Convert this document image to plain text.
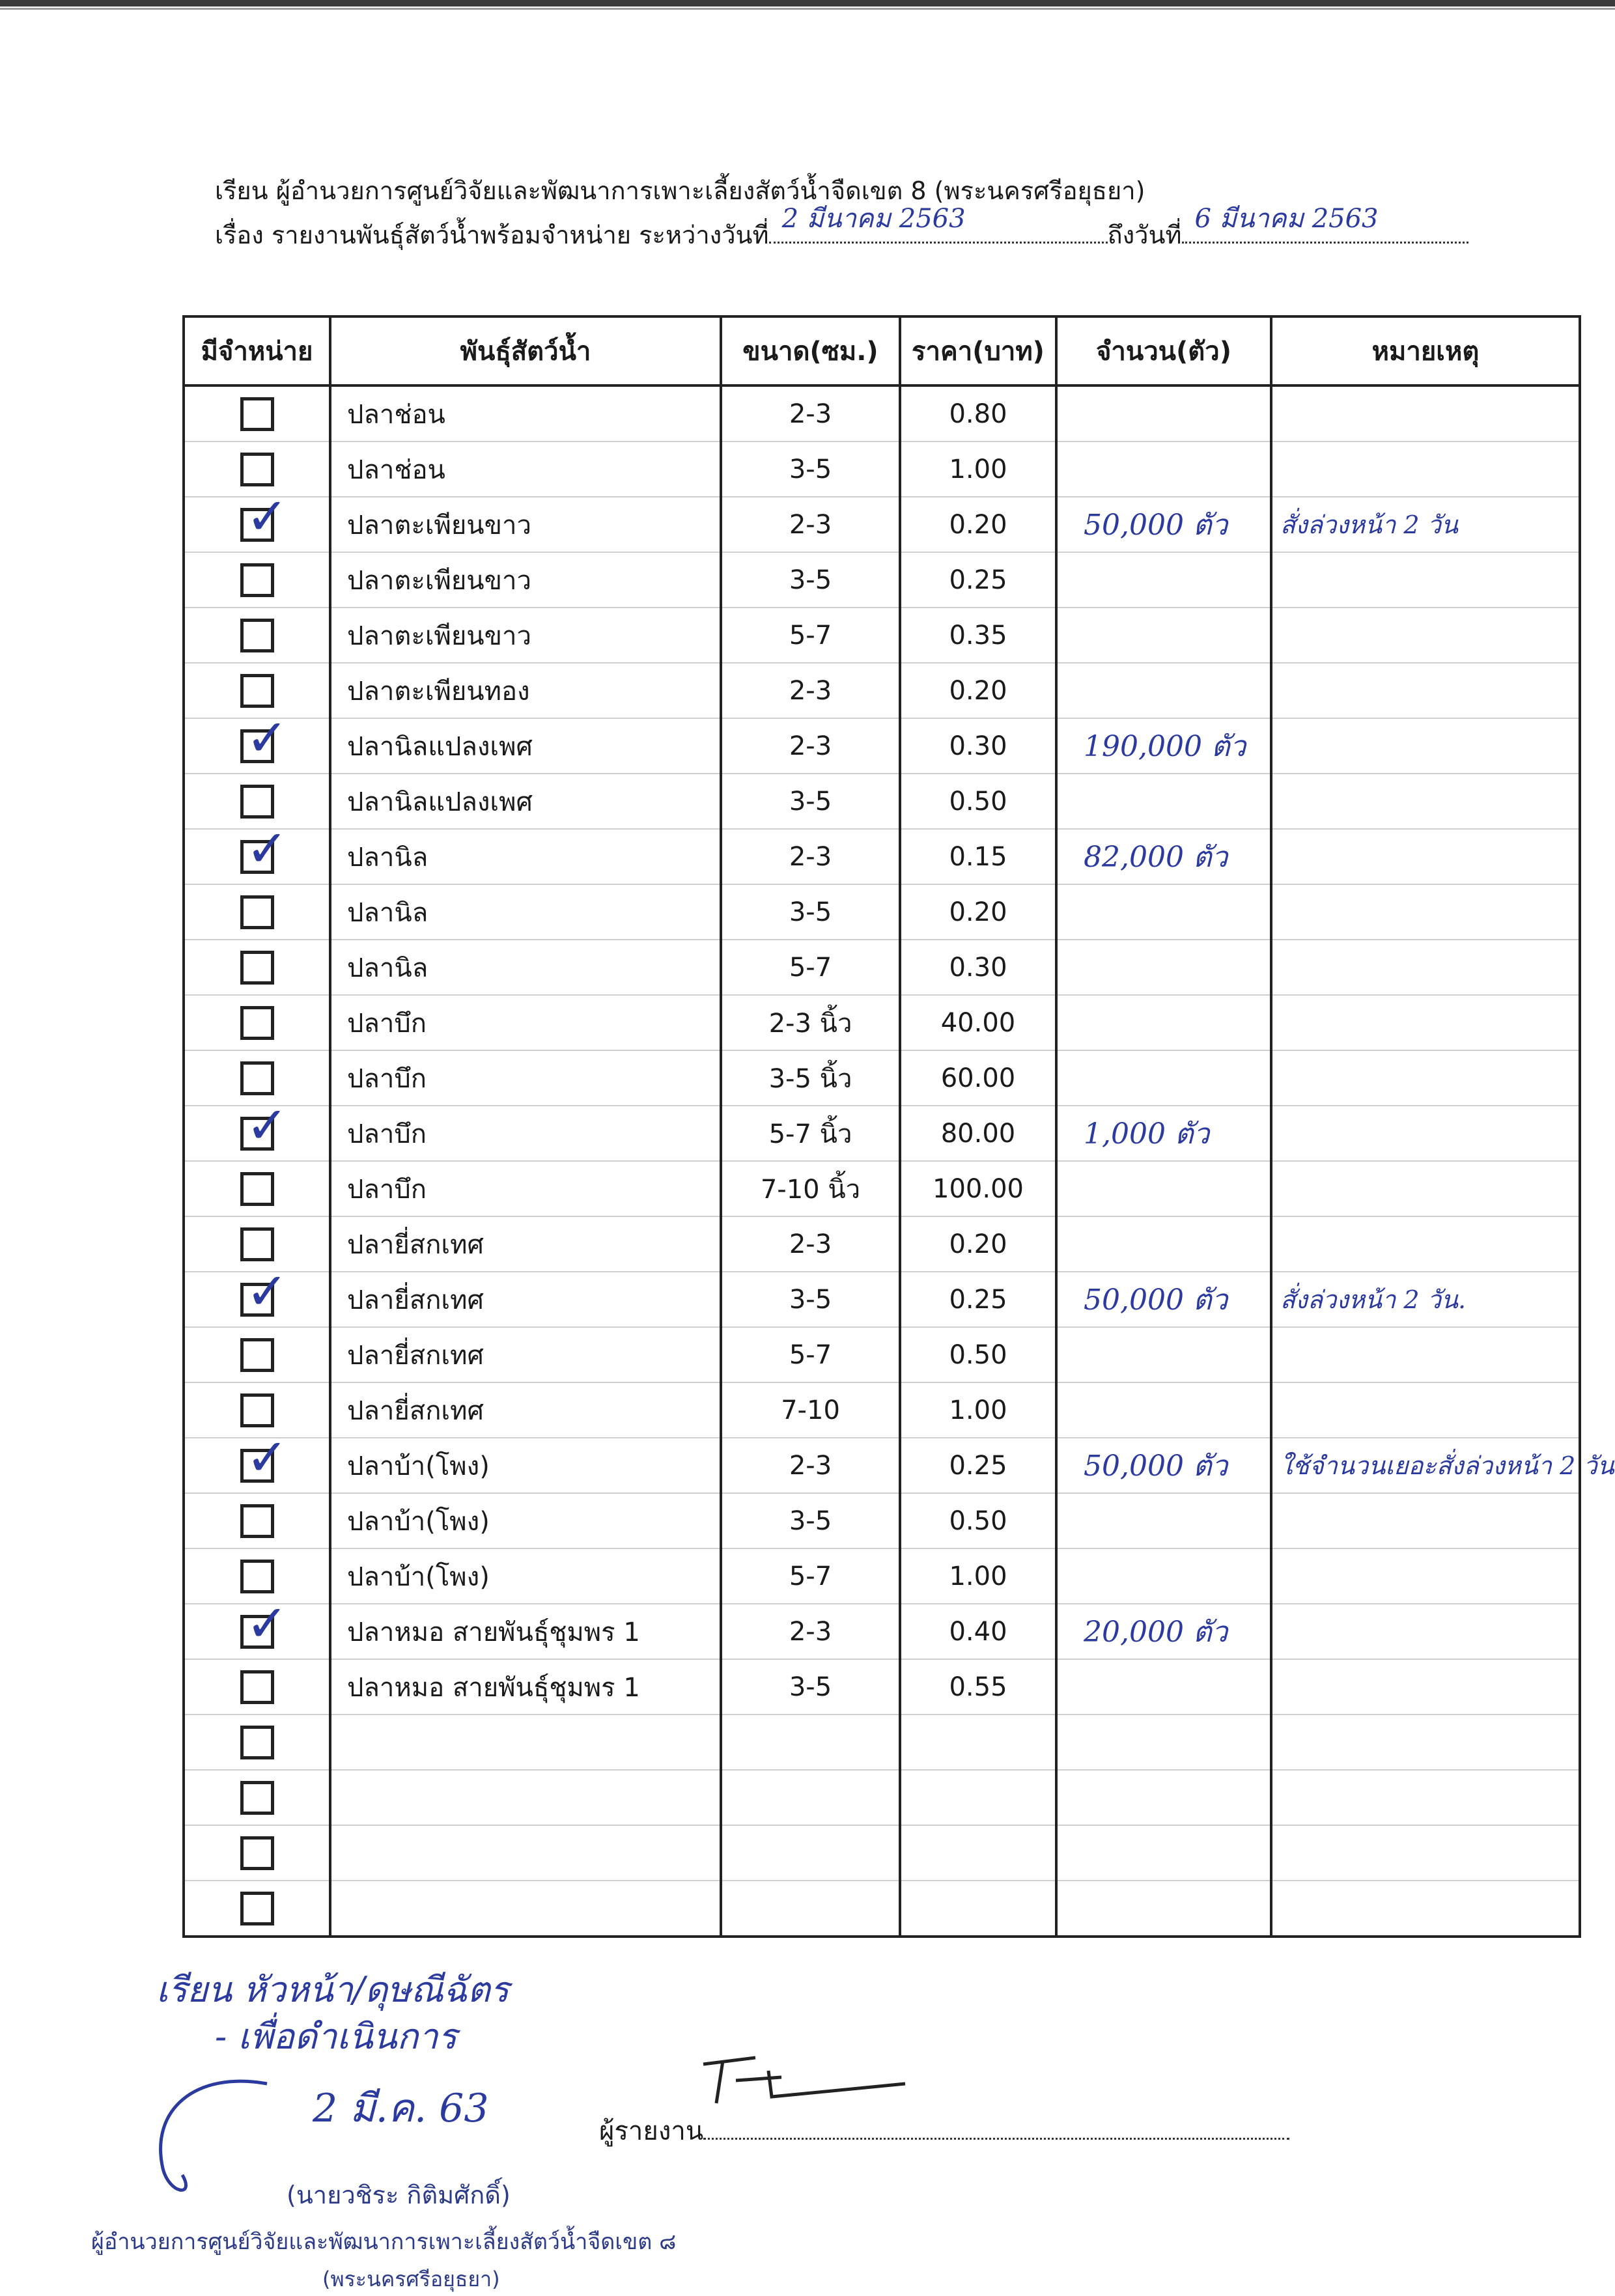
เรียน ผู้อำนวยการศูนย์วิจัยและพัฒนาการเพาะเลี้ยงสัตว์น้ำจืดเขต 8 (พระนครศรีอยุธยา)
เรื่อง รายงานพันธุ์สัตว์น้ำพร้อมจำหน่าย ระหว่างวันที่
2 มีนาคม 2563
ถึงวันที่
6 มีนาคม 2563
มีจำหน่าย	พันธุ์สัตว์น้ำ	ขนาด(ซม.)	ราคา(บาท)	จำนวน(ตัว)	หมายเหตุ
	ปลาช่อน	2-3	0.80		
	ปลาช่อน	3-5	1.00		

✓	ปลาตะเพียนขาว	2-3	0.20	50,000 ตัว	สั่งล่วงหน้า 2 วัน
	ปลาตะเพียนขาว	3-5	0.25		
	ปลาตะเพียนขาว	5-7	0.35		
	ปลาตะเพียนทอง	2-3	0.20		

✓	ปลานิลแปลงเพศ	2-3	0.30	190,000 ตัว	
	ปลานิลแปลงเพศ	3-5	0.50		

✓	ปลานิล	2-3	0.15	82,000 ตัว	
	ปลานิล	3-5	0.20		
	ปลานิล	5-7	0.30		
	ปลาบึก	2-3 นิ้ว	40.00		
	ปลาบึก	3-5 นิ้ว	60.00		

✓	ปลาบึก	5-7 นิ้ว	80.00	1,000 ตัว	
	ปลาบึก	7-10 นิ้ว	100.00		
	ปลายี่สกเทศ	2-3	0.20		

✓	ปลายี่สกเทศ	3-5	0.25	50,000 ตัว	สั่งล่วงหน้า 2 วัน.
	ปลายี่สกเทศ	5-7	0.50		
	ปลายี่สกเทศ	7-10	1.00		

✓	ปลาบ้า(โพง)	2-3	0.25	50,000 ตัว	ใช้จำนวนเยอะสั่งล่วงหน้า 2 วัน
	ปลาบ้า(โพง)	3-5	0.50		
	ปลาบ้า(โพง)	5-7	1.00		

✓	ปลาหมอ สายพันธุ์ชุมพร 1	2-3	0.40	20,000 ตัว	
	ปลาหมอ สายพันธุ์ชุมพร 1	3-5	0.55		

เรียน หัวหน้า/ดุษณีฉัตร
- เพื่อดำเนินการ
2 มี.ค. 63	ผู้รายงาน
(นายวชิระ กิติมศักดิ์)
ผู้อำนวยการศูนย์วิจัยและพัฒนาการเพาะเลี้ยงสัตว์น้ำจืดเขต ๘
(พระนครศรีอยุธยา)
